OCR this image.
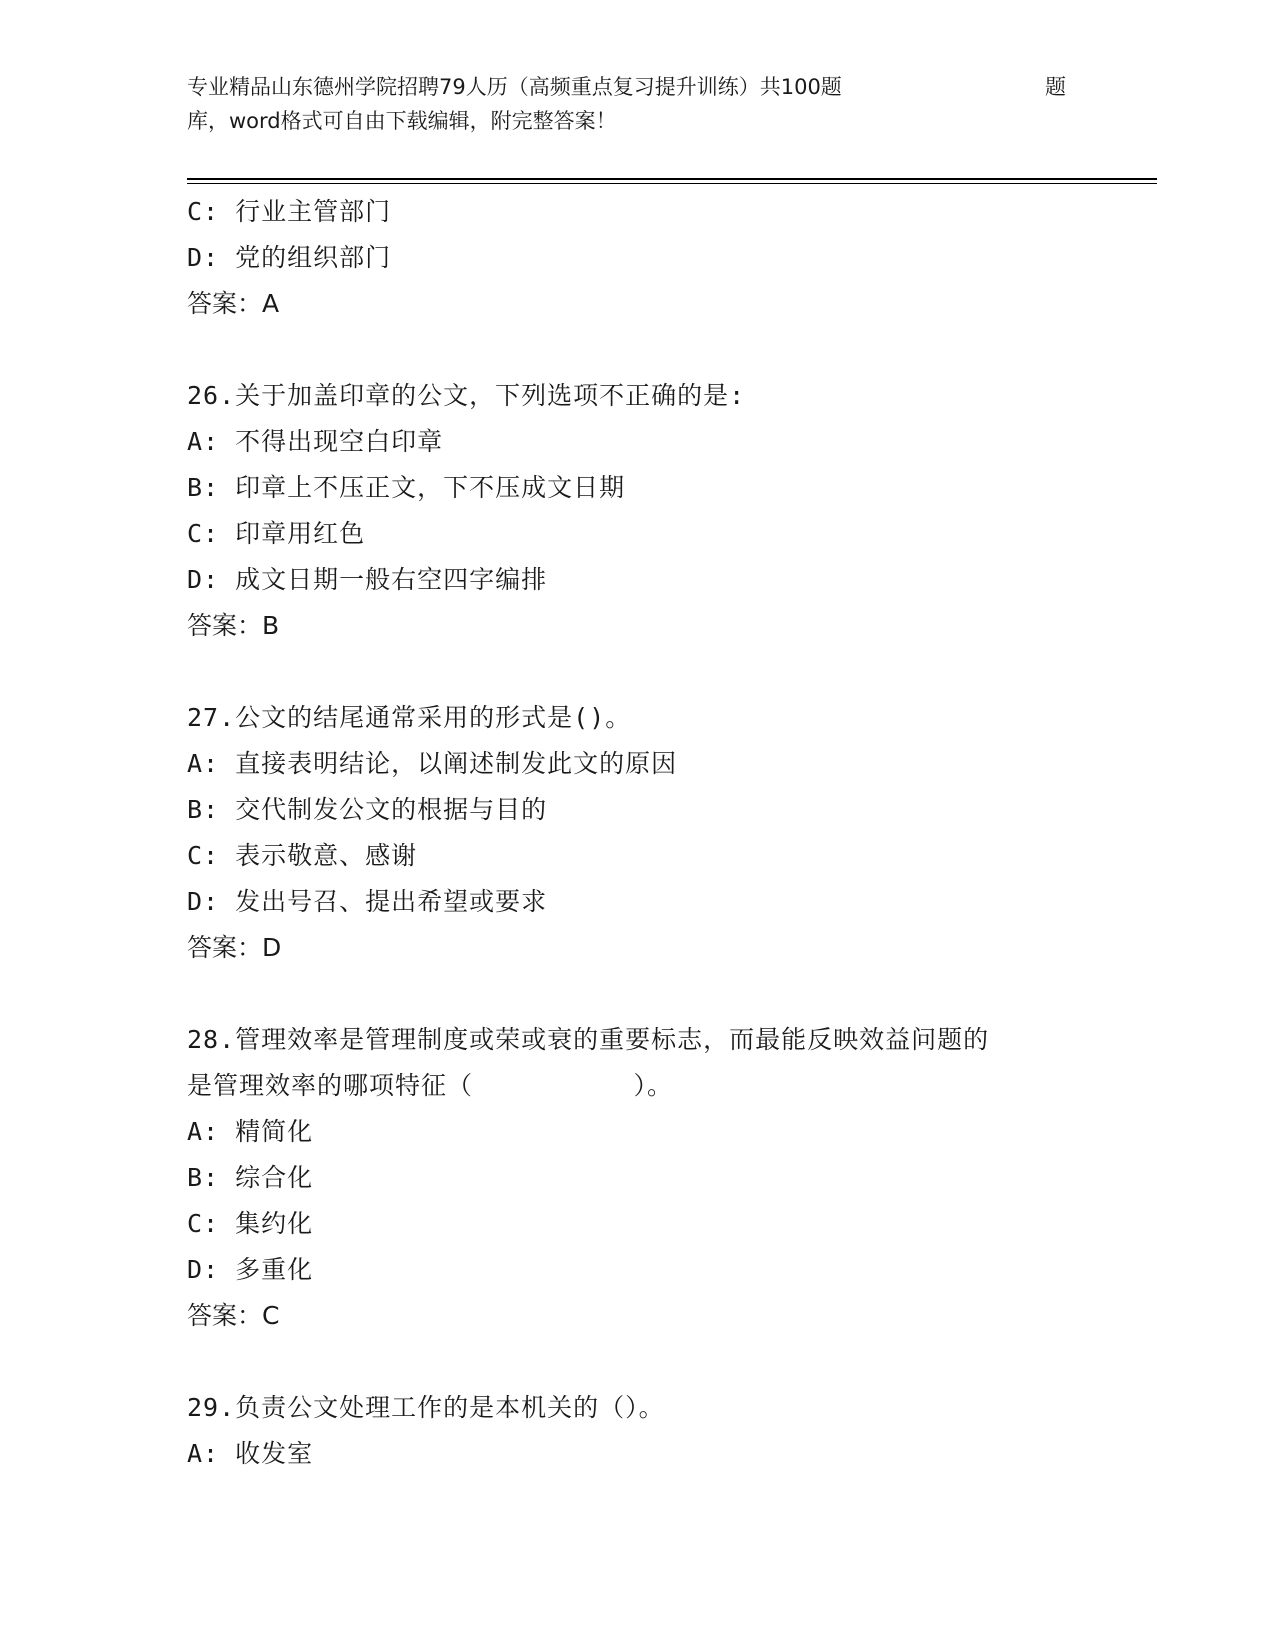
专业精品山东德州学院招聘79人历（高频重点复习提升训练）共100题	题
库，word格式可自由下载编辑，附完整答案！
C: 行业主管部门
D: 党的组织部门
答案：A
26.关于加盖印章的公文，下列选项不正确的是:
A: 不得出现空白印章
B: 印章上不压正文，下不压成文日期
C: 印章用红色
D: 成文日期一般右空四字编排
答案：B
27.公文的结尾通常采用的形式是()。
A: 直接表明结论，以阐述制发此文的原因
B: 交代制发公文的根据与目的
C: 表示敬意、感谢
D: 发出号召、提出希望或要求
答案：D
28.管理效率是管理制度或荣或衰的重要标志，而最能反映效益问题的
是管理效率的哪项特征（          ）。
A: 精简化
B: 综合化
C: 集约化
D: 多重化
答案：C
29.负责公文处理工作的是本机关的（）。
A: 收发室
